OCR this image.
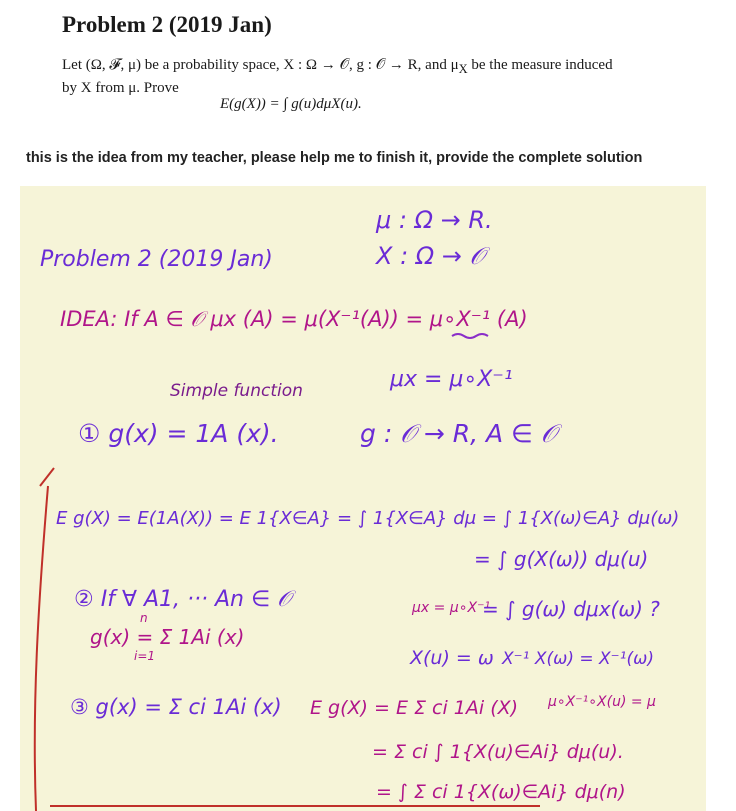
Problem 2 (2019 Jan)
Let (Ω, 𝓕, μ) be a probability space, X : Ω → 𝒪, g : 𝒪 → R, and $\mu_X$ be the measure induced
by X from μ. Prove
E(g(X)) = ∫ g(u)dμX(u).
this is the idea from my teacher, please help me to finish it, provide the complete solution
μ : Ω → R.
X : Ω → 𝒪
Problem 2 (2019 Jan)
IDEA: If A ∈ 𝒪 μx (A) = μ(X⁻¹(A)) = μ∘X⁻¹ (A)
μx = μ∘X⁻¹
Simple function
① g(x) = 1A (x).	g : 𝒪 → R, A ∈ 𝒪
E g(X) = E(1A(X)) = E 1{X∈A} = ∫ 1{X∈A} dμ = ∫ 1{X(ω)∈A} dμ(ω)
= ∫ g(X(ω)) dμ(u)
② If ∀ A1, ··· An ∈ 𝒪	μx = μ∘X⁻¹
= ∫ g(ω) dμx(ω) ?
g(x) = Σ 1Ai (x)
n
i=1	X(u) = ω X⁻¹ X(ω) = X⁻¹(ω)
③ g(x) = Σ ci 1Ai (x) E g(X) = E Σ ci 1Ai (X) μ∘X⁻¹∘X(u) = μ
= Σ ci ∫ 1{X(u)∈Ai} dμ(u).
= ∫ Σ ci 1{X(ω)∈Ai} dμ(n)
